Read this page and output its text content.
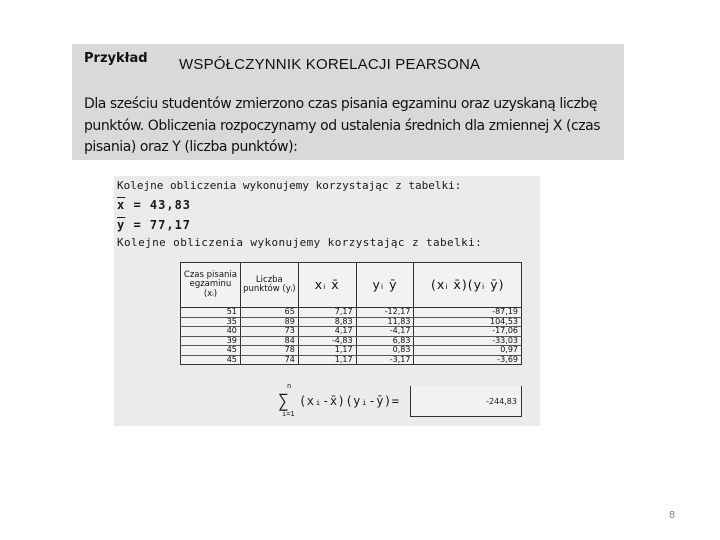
Przykład WSPÓŁCZYNNIK KORELACJI PEARSONA
Dla sześciu studentów zmierzono czas pisania egzaminu oraz uzyskaną liczbę punktów. Obliczenia rozpoczynamy od ustalenia średnich dla zmiennej X (czas pisania) oraz Y (liczba punktów):
Kolejne obliczenia wykonujemy korzystając z tabelki:
$\overline{x} = 43,83$
$\overline{y} = 77,17$
Kolejne obliczenia wykonujemy korzystając z tabelki:
Czas pisania egzaminu (xᵢ)	Liczba punktów (yᵢ)	xᵢ x̄	yᵢ ȳ	(xᵢ x̄)(yᵢ ȳ)
51	65	7,17	-12,17	-87,19
35	89	8,83	11,83	104,53
40	73	4,17	-4,17	-17,06
39	84	-4,83	6,83	-33,03
45	78	1,17	0,83	0,97
45	74	1,17	-3,17	-3,69
∑
n
i=1
(xᵢ-x̄)(yᵢ-ȳ)=	-244,83
8
